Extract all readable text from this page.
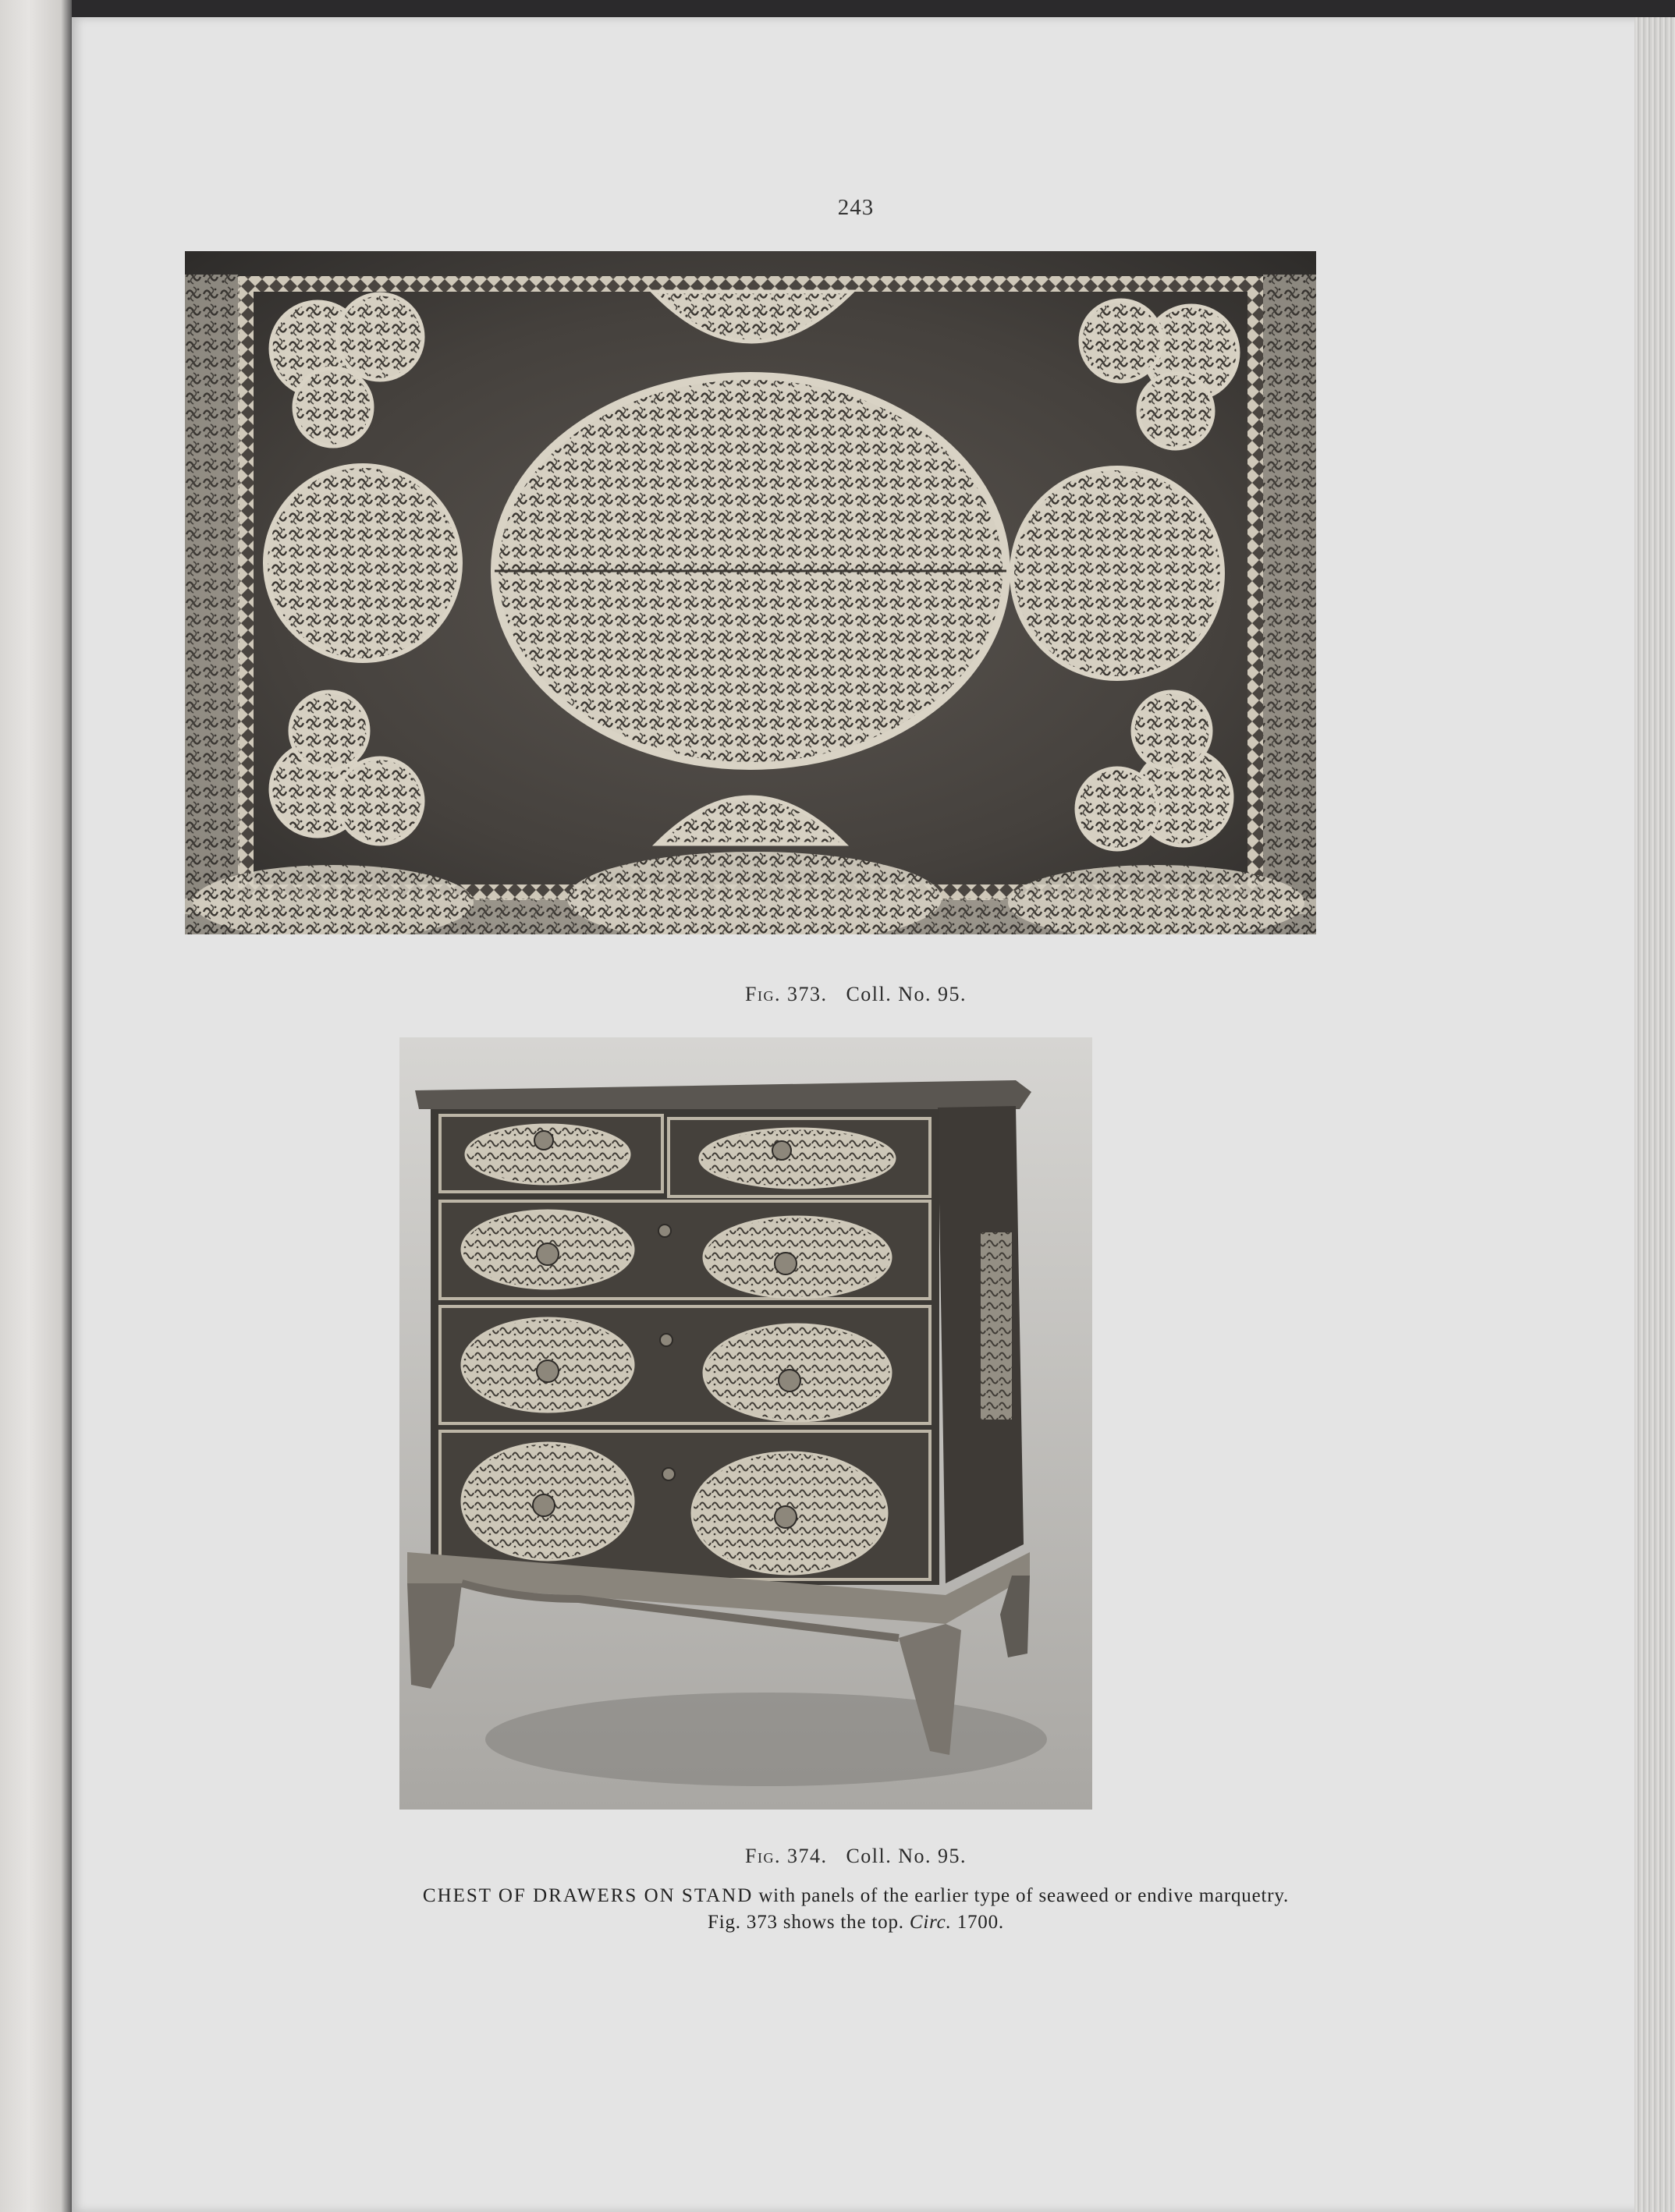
243
Fig. 373. Coll. No. 95.
Fig. 374. Coll. No. 95.
CHEST OF DRAWERS ON STAND with panels of the earlier type of seaweed or endive marquetry.
Fig. 373 shows the top. Circ. 1700.
